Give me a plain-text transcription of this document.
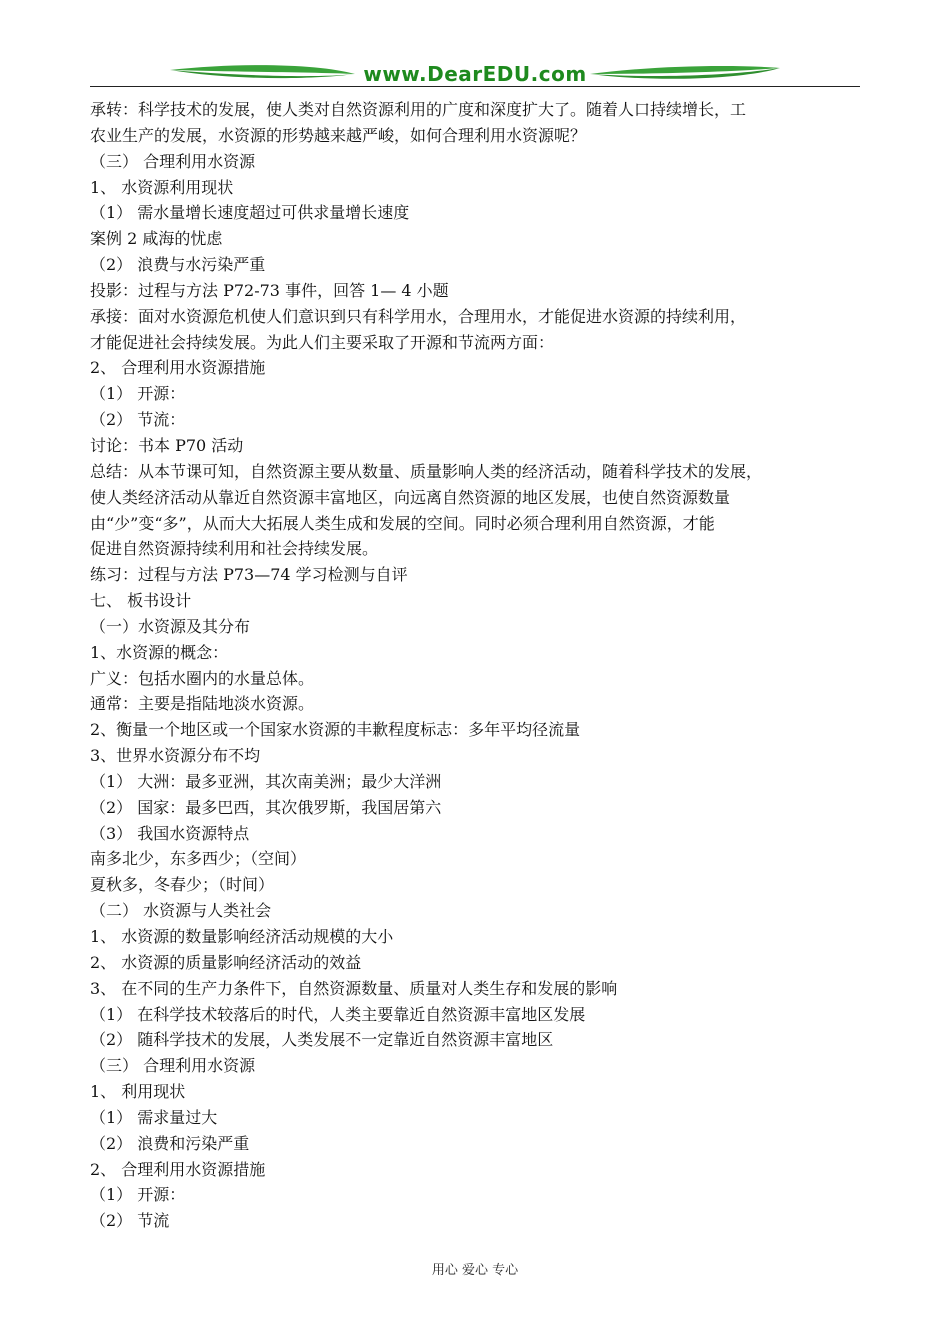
www.DearEDU.com
承转：科学技术的发展，使人类对自然资源利用的广度和深度扩大了。随着人口持续增长，工
农业生产的发展，水资源的形势越来越严峻，如何合理利用水资源呢？
（三） 合理利用水资源
1、 水资源利用现状
（1） 需水量增长速度超过可供求量增长速度
案例 2 咸海的忧虑
（2） 浪费与水污染严重
投影：过程与方法 P72-73 事件，回答 1— 4 小题
承接：面对水资源危机使人们意识到只有科学用水，合理用水，才能促进水资源的持续利用，
才能促进社会持续发展。为此人们主要采取了开源和节流两方面：
2、 合理利用水资源措施
（1） 开源：
（2） 节流：
讨论：书本 P70 活动
总结：从本节课可知，自然资源主要从数量、质量影响人类的经济活动，随着科学技术的发展，
使人类经济活动从靠近自然资源丰富地区，向远离自然资源的地区发展，也使自然资源数量
由“少”变“多”，从而大大拓展人类生成和发展的空间。同时必须合理利用自然资源，才能
促进自然资源持续利用和社会持续发展。
练习：过程与方法 P73—74 学习检测与自评
七、 板书设计
（一）水资源及其分布
1、水资源的概念：
广义：包括水圈内的水量总体。
通常：主要是指陆地淡水资源。
2、衡量一个地区或一个国家水资源的丰歉程度标志：多年平均径流量
3、世界水资源分布不均
（1） 大洲：最多亚洲，其次南美洲；最少大洋洲
（2） 国家：最多巴西，其次俄罗斯，我国居第六
（3） 我国水资源特点
南多北少，东多西少；（空间）
夏秋多，冬春少；（时间）
（二） 水资源与人类社会
1、 水资源的数量影响经济活动规模的大小
2、 水资源的质量影响经济活动的效益
3、 在不同的生产力条件下，自然资源数量、质量对人类生存和发展的影响
（1） 在科学技术较落后的时代，人类主要靠近自然资源丰富地区发展
（2） 随科学技术的发展，人类发展不一定靠近自然资源丰富地区
（三） 合理利用水资源
1、 利用现状
（1） 需求量过大
（2） 浪费和污染严重
2、 合理利用水资源措施
（1） 开源：
（2） 节流
用心 爱心 专心
